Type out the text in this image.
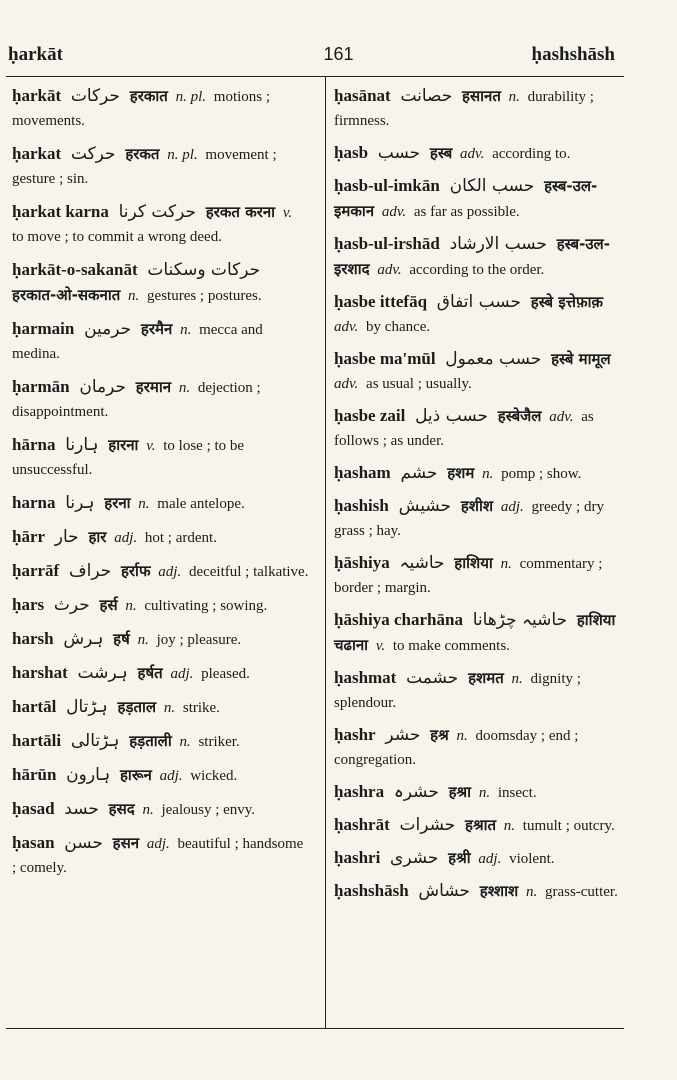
ḥarkāt	161	ḥashshāsh
ḥarkāt حرکات हरकात n. pl. motions ; movements.
ḥarkat حرکت हरकत n. pl. movement ; gesture ; sin.
ḥarkat karna حرکت کرنا हरकत करना v. to move ; to commit a wrong deed.
ḥarkāt-o-sakanāt حرکات وسکنات हरकात-ओ-सकनात n. gestures ; postures.
ḥarmain حرمین हरमैन n. mecca and medina.
ḥarmān حرمان हरमान n. dejection ; disappointment.
hārna ہارنا हारना v. to lose ; to be unsuccessful.
harna ہرنا हरना n. male antelope.
ḥārr حار हार adj. hot ; ardent.
ḥarrāf حراف हर्राफ adj. deceitful ; talkative.
ḥars حرث हर्स n. cultivating ; sowing.
harsh ہرش हर्ष n. joy ; pleasure.
harshat ہرشت हर्षत adj. pleased.
hartāl ہڑتال हड़ताल n. strike.
hartāli ہڑتالی हड़ताली n. striker.
hārūn ہارون हारून adj. wicked.
ḥasad حسد हसद n. jealousy ; envy.
ḥasan حسن हसन adj. beautiful ; handsome ; comely.
ḥasānat حصانت हसानत n. durability ; firmness.
ḥasb حسب हस्ब adv. according to.
ḥasb-ul-imkān حسب الکان हस्ब-उल-इमकान adv. as far as possible.
ḥasb-ul-irshād حسب الارشاد हस्ब-उल-इरशाद adv. according to the order.
ḥasbe ittefāq حسب اتفاق हस्बे इत्तेफ़ाक़ adv. by chance.
ḥasbe ma'mūl حسب معمول हस्बे मामूल adv. as usual ; usually.
ḥasbe zail حسب ذیل हस्बेजैल adv. as follows ; as under.
ḥasham حشم हशम n. pomp ; show.
ḥashish حشیش हशीश adj. greedy ; dry grass ; hay.
ḥāshiya حاشیہ हाशिया n. commentary ; border ; margin.
ḥāshiya charhāna حاشیہ چڑھانا हाशिया चढाना v. to make comments.
ḥashmat حشمت हशमत n. dignity ; splendour.
ḥashr حشر हश्र n. doomsday ; end ; congregation.
ḥashra حشرہ हश्रा n. insect.
ḥashrāt حشرات हश्रात n. tumult ; outcry.
ḥashri حشری हश्री adj. violent.
ḥashshāsh حشاش हश्शाश n. grass-cutter.
